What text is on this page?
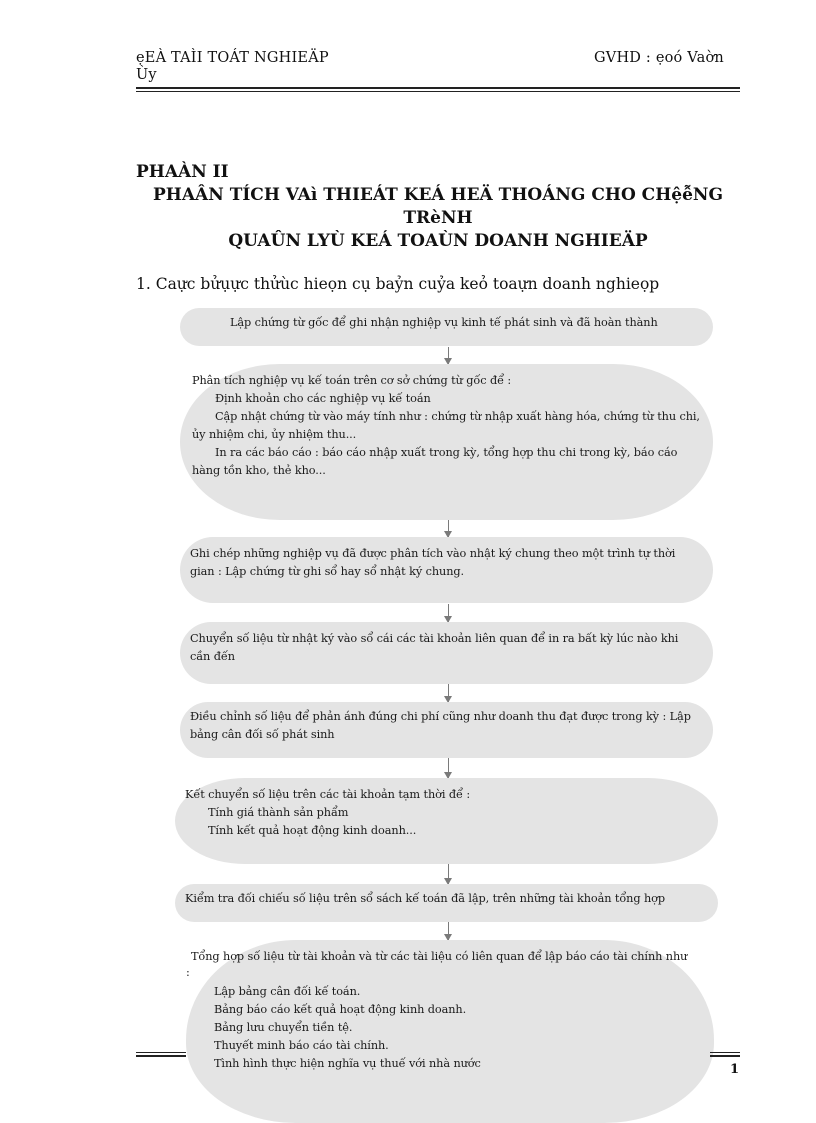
ẹEÀ TAÌI TOÁT NGHIEÄP
Ùy
GVHD : ẹoó Vaờn
PHAÀN II
PHAÂN TÍCH VAì THIEÁT KEÁ HEÄ THOÁNG CHO CHệễNG
TRèNH
QUAÛN LYÙ KEÁ TOAÙN DOANH NGHIEÄP
1. Caực bửụực thửùc hieọn cụ baỷn cuỷa keỏ toaựn doanh nghieọp
Lập chứng từ gốc để ghi nhận nghiệp vụ kinh tế phát sinh và đã hoàn thành
Phân tích nghiệp vụ kế toán trên cơ sở chứng từ gốc để :
Định khoản cho các nghiệp vụ kế toán
Cập nhật chứng từ vào máy tính như : chứng từ nhập xuất hàng hóa, chứng từ thu chi,
ủy nhiệm chi, ủy nhiệm thu...
In ra các báo cáo : báo cáo nhập xuất trong kỳ, tổng hợp thu chi trong kỳ, báo cáo
hàng tồn kho, thẻ kho...
Ghi chép những nghiệp vụ đã được phân tích vào nhật ký chung theo một trình tự thời
gian : Lập chứng từ ghi sổ hay sổ nhật ký chung.
Chuyển số liệu từ nhật ký vào sổ cái các tài khoản liên quan để in ra bất kỳ lúc nào khi
cần đến
Điều chỉnh số liệu để phản ánh đúng chi phí cũng như doanh thu đạt được trong kỳ : Lập
bảng cân đối số phát sinh
Kết chuyển số liệu trên các tài khoản tạm thời để :
Tính giá thành sản phẩm
Tính kết quả hoạt động kinh doanh...
Kiểm tra đối chiếu số liệu trên sổ sách kế toán đã lập, trên những tài khoản tổng hợp
Tổng hợp số liệu từ tài khoản và từ các tài liệu có liên quan để lập báo cáo tài chính như
:
Lập bảng cân đối kế toán.
Bảng báo cáo kết quả hoạt động kinh doanh.
Bảng lưu chuyển tiền tệ.
Thuyết minh báo cáo tài chính.
Tình hình thực hiện nghĩa vụ thuế với nhà nước	1
